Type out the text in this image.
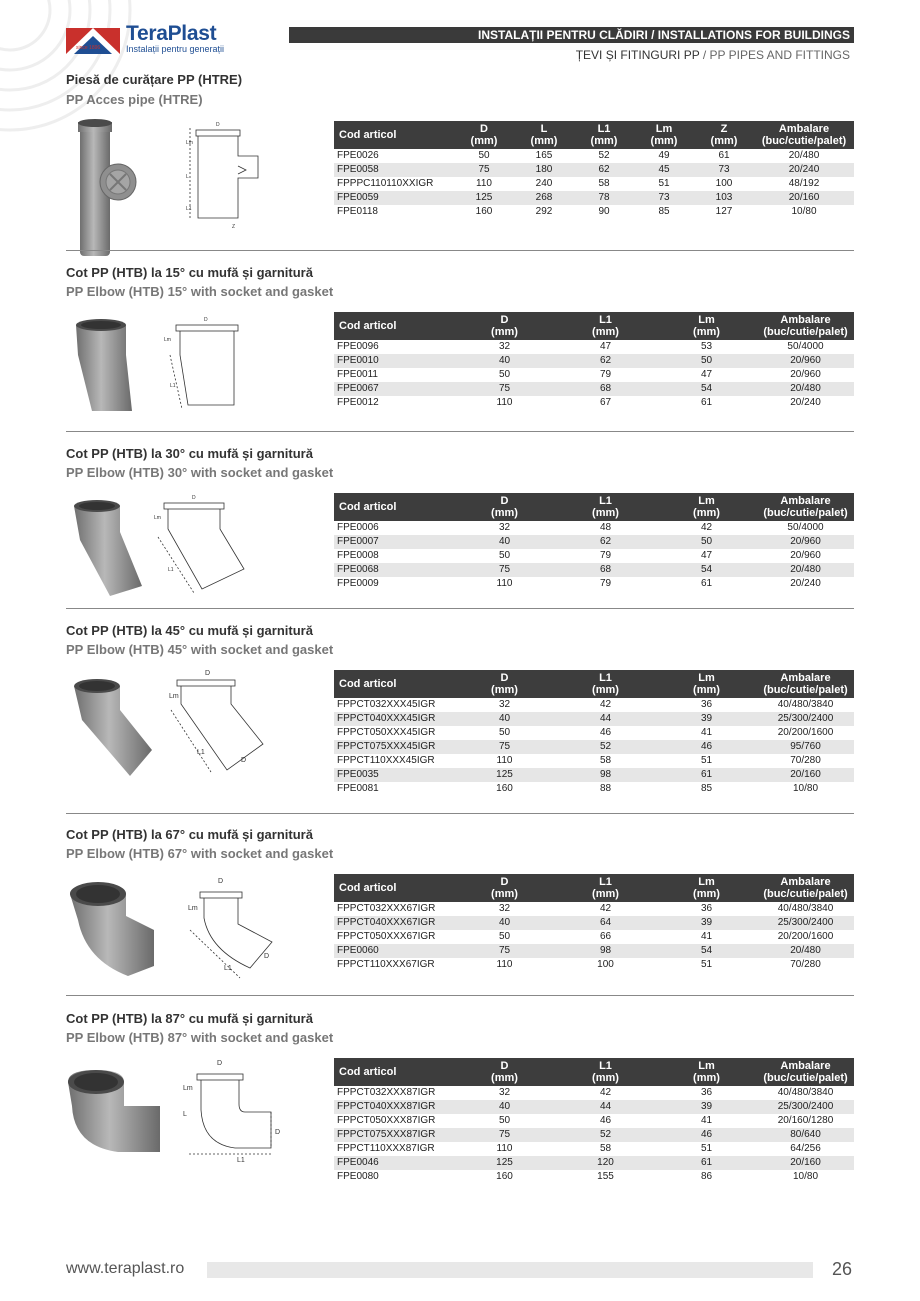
TeraPlast
Instalații pentru generații
since 1896
INSTALAȚII PENTRU CLĂDIRI / INSTALLATIONS FOR BUILDINGS
ȚEVI ȘI FITINGURI PP / PP PIPES AND FITTINGS
Piesă de curățare PP (HTRE)
PP Acces pipe (HTRE)
D
Lm
L
L1
Z
Cod articol	D
(mm)	L
(mm)	L1
(mm)	Lm
(mm)	Z
(mm)	Ambalare
(buc/cutie/palet)
FPE0026	50	165	52	49	61	20/480
FPE0058	75	180	62	45	73	20/240
FPPPC110110XXIGR	110	240	58	51	100	48/192
FPE0059	125	268	78	73	103	20/160
FPE0118	160	292	90	85	127	10/80
Cot PP (HTB) la 15° cu mufă și garnitură
PP Elbow (HTB) 15° with socket and gasket
D
Lm
L1
Cod articol	D
(mm)	L1
(mm)	Lm
(mm)	Ambalare
(buc/cutie/palet)
FPE0096	32	47	53	50/4000
FPE0010	40	62	50	20/960
FPE0011	50	79	47	20/960
FPE0067	75	68	54	20/480
FPE0012	110	67	61	20/240
Cot PP (HTB) la 30° cu mufă și garnitură
PP Elbow (HTB) 30° with socket and gasket
D
Lm
L1
Cod articol	D
(mm)	L1
(mm)	Lm
(mm)	Ambalare
(buc/cutie/palet)
FPE0006	32	48	42	50/4000
FPE0007	40	62	50	20/960
FPE0008	50	79	47	20/960
FPE0068	75	68	54	20/480
FPE0009	110	79	61	20/240
Cot PP (HTB) la 45° cu mufă și garnitură
PP Elbow (HTB) 45° with socket and gasket
D
Lm
L1
D
Cod articol	D
(mm)	L1
(mm)	Lm
(mm)	Ambalare
(buc/cutie/palet)
FPPCT032XXX45IGR	32	42	36	40/480/3840
FPPCT040XXX45IGR	40	44	39	25/300/2400
FPPCT050XXX45IGR	50	46	41	20/200/1600
FPPCT075XXX45IGR	75	52	46	95/760
FPPCT110XXX45IGR	110	58	51	70/280
FPE0035	125	98	61	20/160
FPE0081	160	88	85	10/80
Cot PP (HTB) la 67° cu mufă și garnitură
PP Elbow (HTB) 67° with socket and gasket
D
Lm
L1
D
Cod articol	D
(mm)	L1
(mm)	Lm
(mm)	Ambalare
(buc/cutie/palet)
FPPCT032XXX67IGR	32	42	36	40/480/3840
FPPCT040XXX67IGR	40	64	39	25/300/2400
FPPCT050XXX67IGR	50	66	41	20/200/1600
FPE0060	75	98	54	20/480
FPPCT110XXX67IGR	110	100	51	70/280
Cot PP (HTB) la 87° cu mufă și garnitură
PP Elbow (HTB) 87° with socket and gasket
D
Lm
L
L1
D
Cod articol	D
(mm)	L1
(mm)	Lm
(mm)	Ambalare
(buc/cutie/palet)
FPPCT032XXX87IGR	32	42	36	40/480/3840
FPPCT040XXX87IGR	40	44	39	25/300/2400
FPPCT050XXX87IGR	50	46	41	20/160/1280
FPPCT075XXX87IGR	75	52	46	80/640
FPPCT110XXX87IGR	110	58	51	64/256
FPE0046	125	120	61	20/160
FPE0080	160	155	86	10/80
www.teraplast.ro	26
